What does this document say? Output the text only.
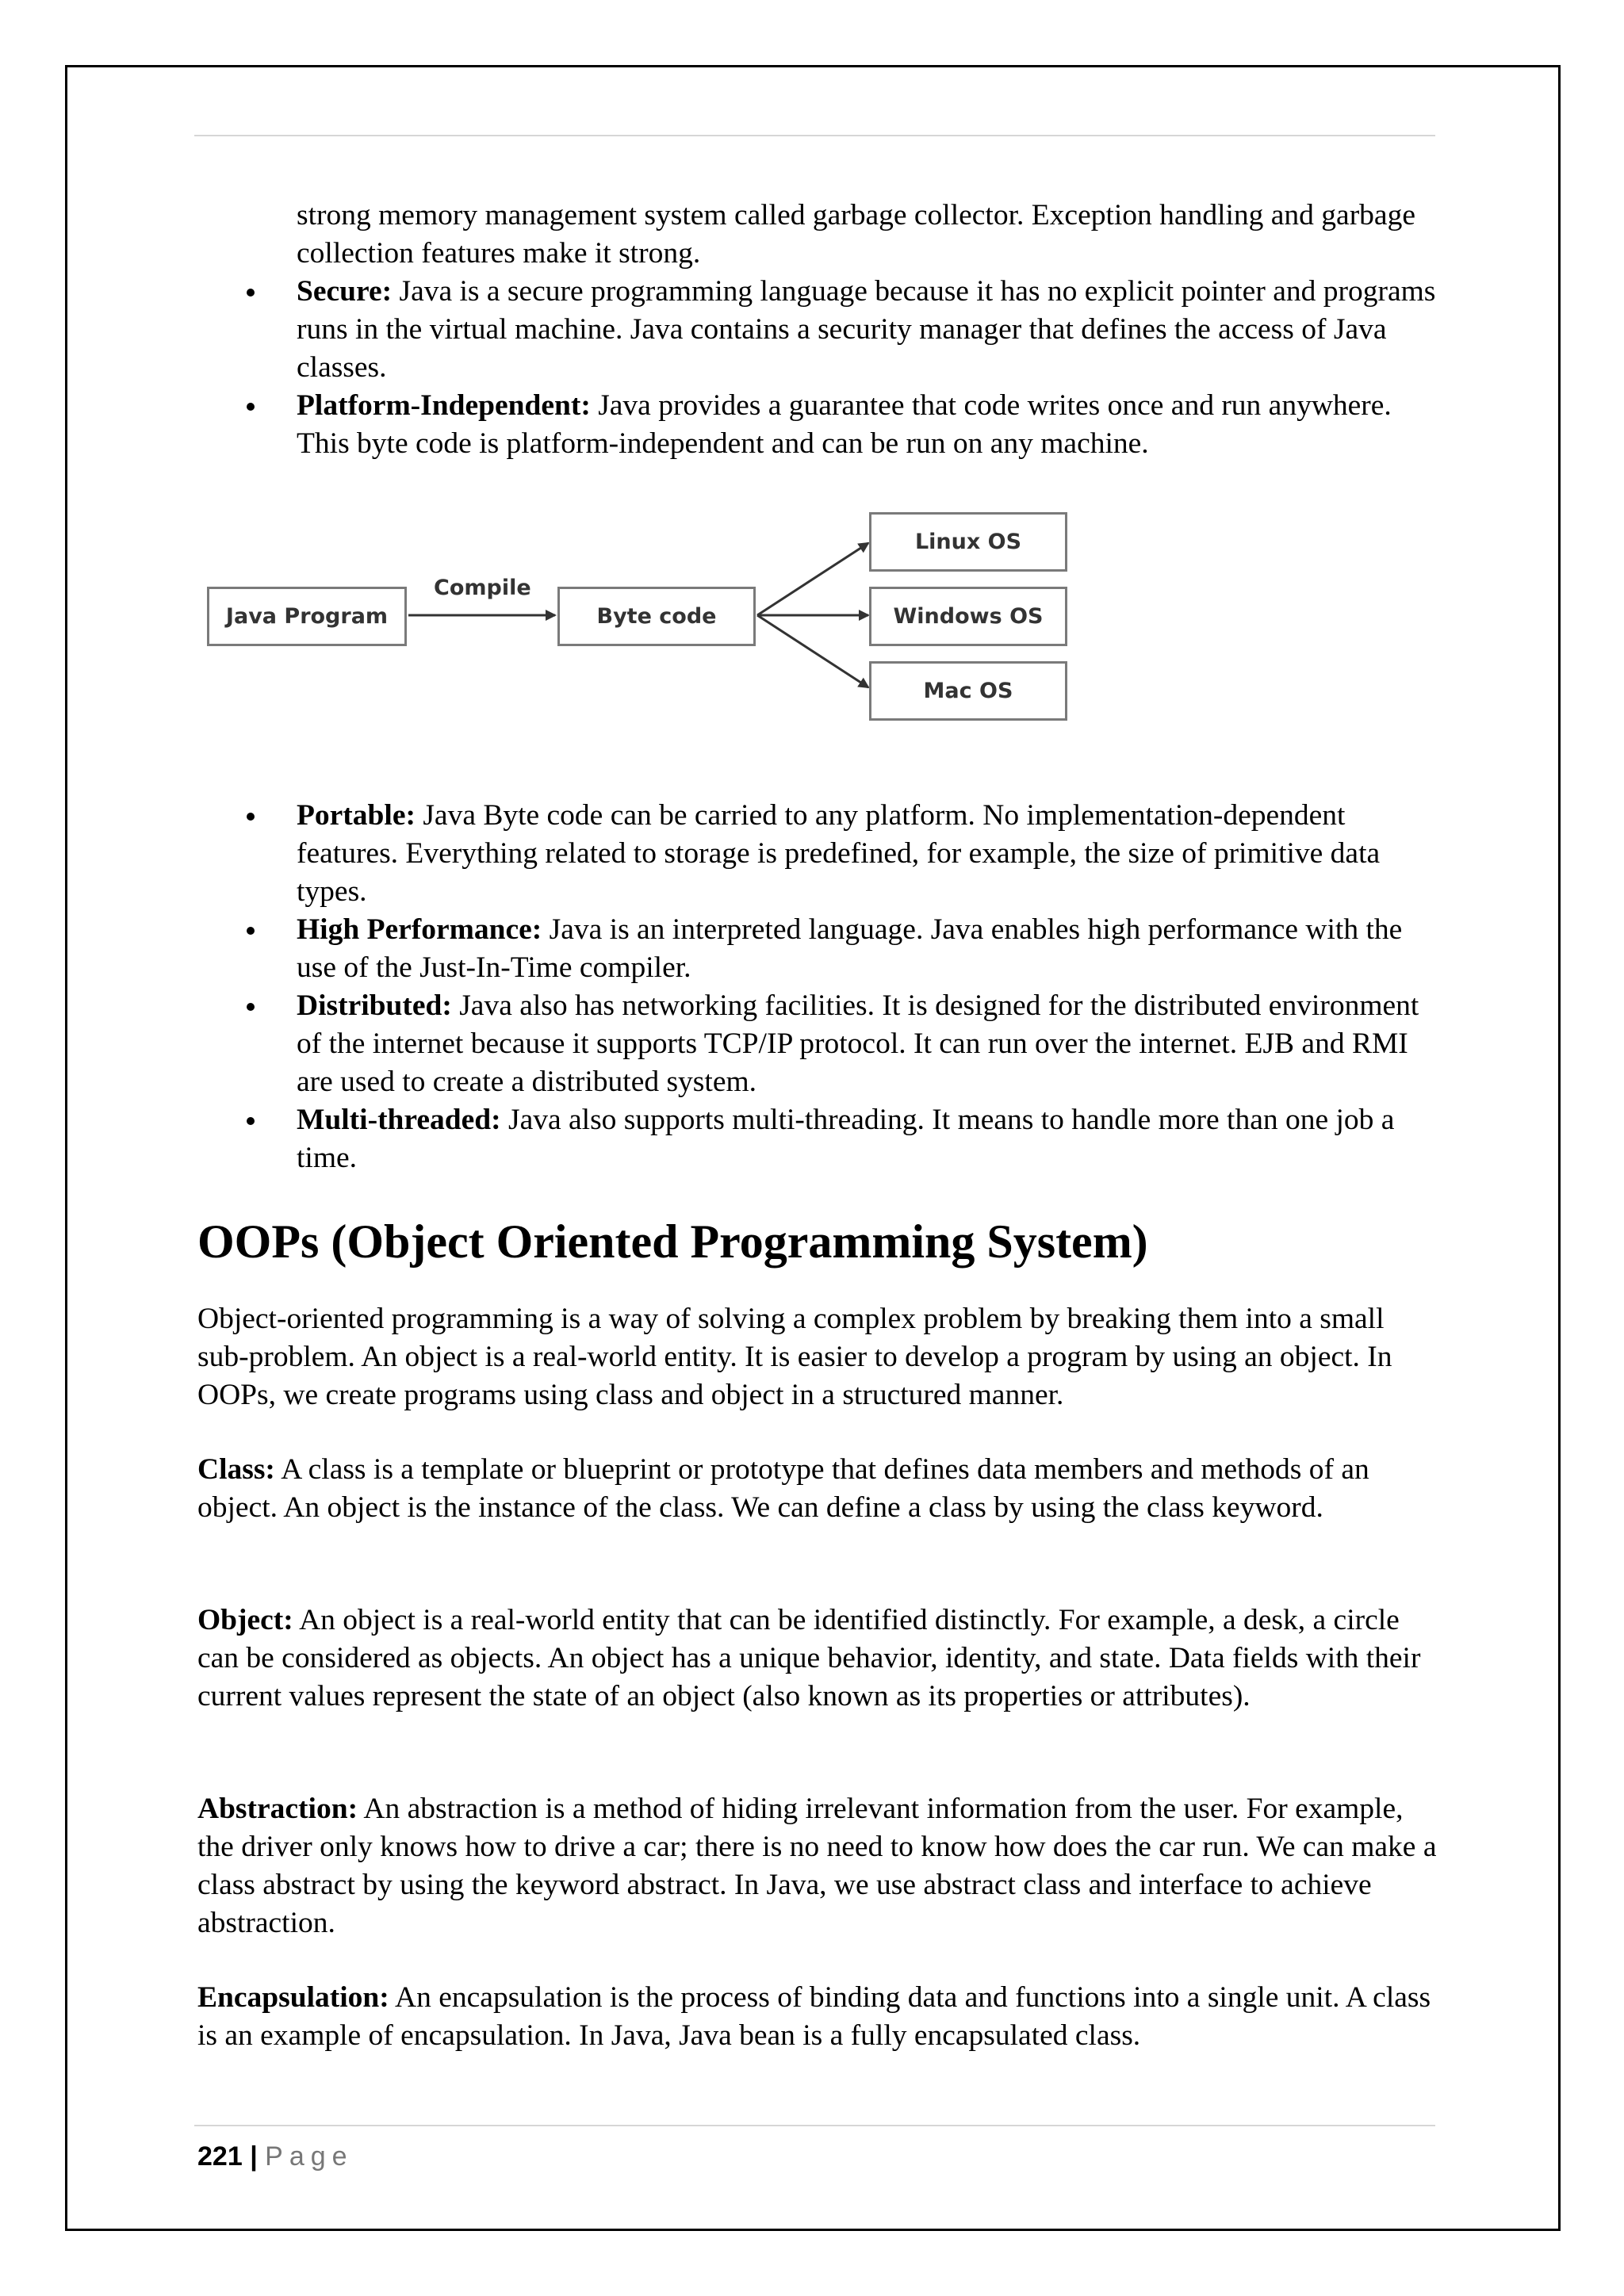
strong memory management system called garbage collector. Exception handling and garbage collection features make it strong.
Secure: Java is a secure programming language because it has no explicit pointer and programs runs in the virtual machine. Java contains a security manager that defines the access of Java classes.
Platform-Independent: Java provides a guarantee that code writes once and run anywhere. This byte code is platform-independent and can be run on any machine.
Portable: Java Byte code can be carried to any platform. No implementation-dependent features. Everything related to storage is predefined, for example, the size of primitive data types.
High Performance: Java is an interpreted language. Java enables high performance with the use of the Just-In-Time compiler.
Distributed: Java also has networking facilities. It is designed for the distributed environment of the internet because it supports TCP/IP protocol. It can run over the internet. EJB and RMI are used to create a distributed system.
Multi-threaded: Java also supports multi-threading. It means to handle more than one job a time.
OOPs (Object Oriented Programming System)

Object-oriented programming is a way of solving a complex problem by breaking them into a small sub-problem. An object is a real-world entity. It is easier to develop a program by using an object. In OOPs, we create programs using class and object in a structured manner.

Class: A class is a template or blueprint or prototype that defines data members and methods of an object. An object is the instance of the class. We can define a class by using the class keyword.

Object: An object is a real-world entity that can be identified distinctly. For example, a desk, a circle can be considered as objects. An object has a unique behavior, identity, and state. Data fields with their current values represent the state of an object (also known as its properties or attributes).

Abstraction: An abstraction is a method of hiding irrelevant information from the user. For example, the driver only knows how to drive a car; there is no need to know how does the car run. We can make a class abstract by using the keyword abstract. In Java, we use abstract class and interface to achieve abstraction.

Encapsulation: An encapsulation is the process of binding data and functions into a single unit. A class is an example of encapsulation. In Java, Java bean is a fully encapsulated class.

Java Program
Compile
Byte code
Linux OS
Windows OS
Mac OS
221 | Page
